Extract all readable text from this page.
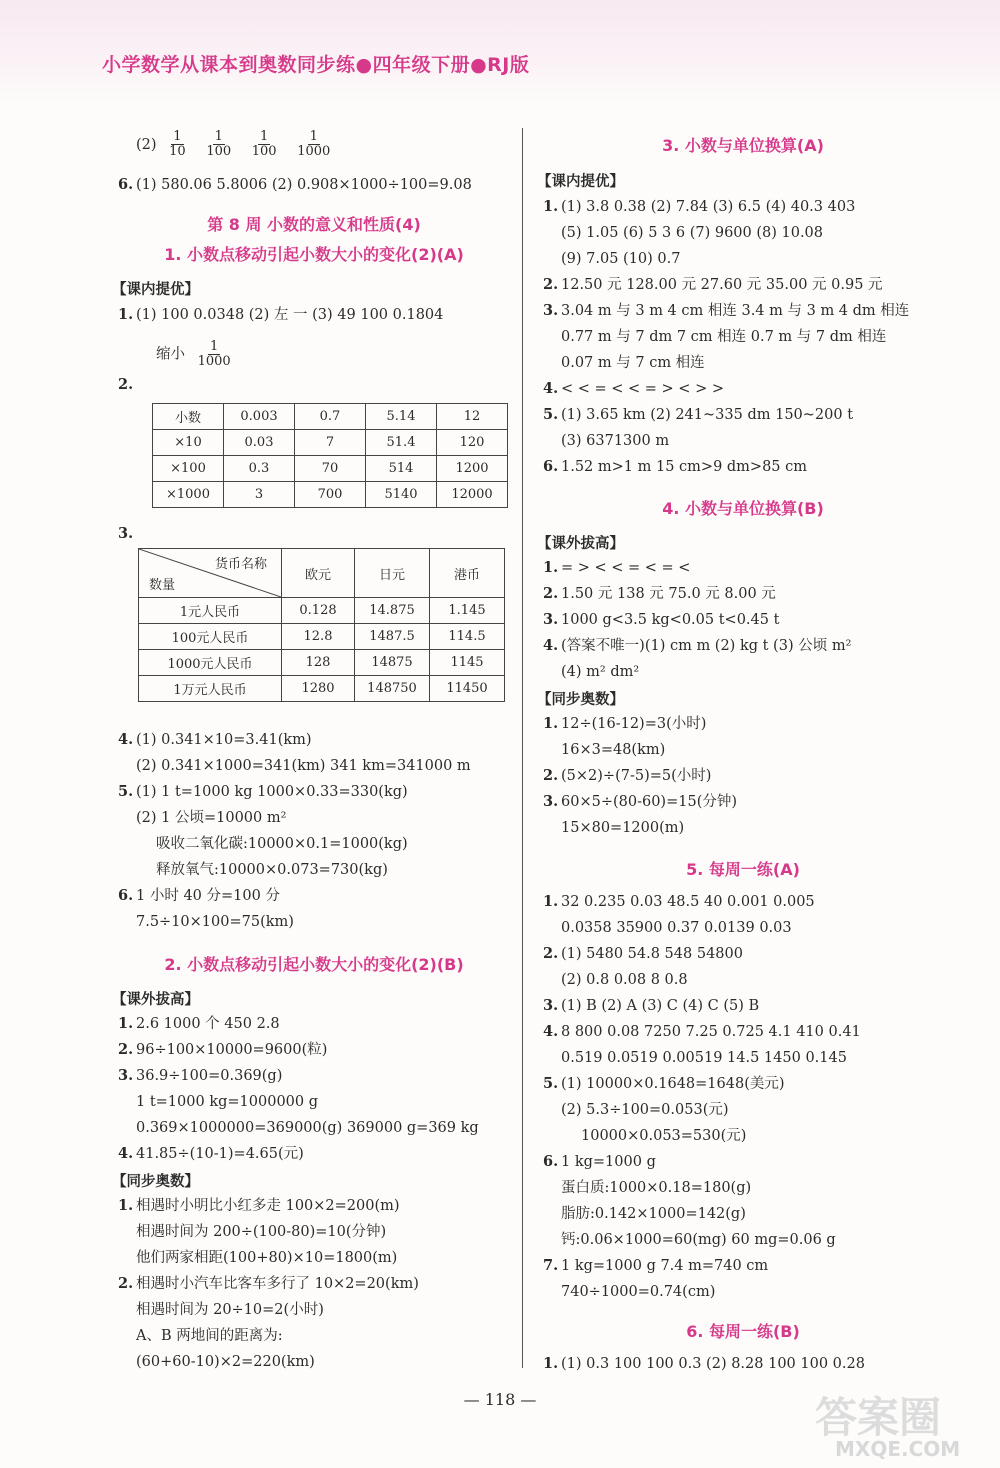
小学数学从课本到奥数同步练●四年级下册●RJ版
$(2) \frac{1}{10}$
$\frac{1}{100}$
$\frac{1}{100}$
$\frac{1}{1000}$
6. (1) 580.06 5.8006 (2) 0.908×1000÷100=9.08
第 8 周 小数的意义和性质(4)
1. 小数点移动引起小数大小的变化(2)(A)
【课内提优】
1. (1) 100 0.0348 (2) 左 一 (3) 49 100 0.1804
缩小 $\frac{1}{1000}$
2.
小数	0.003	0.7	5.14	12
×10	0.03	7	51.4	120
×100	0.3	70	514	1200
×1000	3	700	5140	12000
3.
货币名称
数量	欧元	日元	港币
1元人民币	0.128	14.875	1.145
100元人民币	12.8	1487.5	114.5
1000元人民币	128	14875	1145
1万元人民币	1280	148750	11450
4. (1) 0.341×10=3.41(km)
(2) 0.341×1000=341(km) 341 km=341000 m
5. (1) 1 t=1000 kg 1000×0.33=330(kg)
(2) 1 公顷=10000 m²
吸收二氧化碳:10000×0.1=1000(kg)
释放氧气:10000×0.073=730(kg)
6. 1 小时 40 分=100 分
7.5÷10×100=75(km)
2. 小数点移动引起小数大小的变化(2)(B)
【课外拔高】
1. 2.6 1000 个 450 2.8
2. 96÷100×10000=9600(粒)
3. 36.9÷100=0.369(g)
1 t=1000 kg=1000000 g
0.369×1000000=369000(g) 369000 g=369 kg
4. 41.85÷(10-1)=4.65(元)
【同步奥数】
1. 相遇时小明比小红多走 100×2=200(m)
相遇时间为 200÷(100-80)=10(分钟)
他们两家相距(100+80)×10=1800(m)
2. 相遇时小汽车比客车多行了 10×2=20(km)
相遇时间为 20÷10=2(小时)
A、B 两地间的距离为:
(60+60-10)×2=220(km)
3. 小数与单位换算(A)
【课内提优】
1. (1) 3.8 0.38 (2) 7.84 (3) 6.5 (4) 40.3 403
(5) 1.05 (6) 5 3 6 (7) 9600 (8) 10.08
(9) 7.05 (10) 0.7
2. 12.50 元 128.00 元 27.60 元 35.00 元 0.95 元
3. 3.04 m 与 3 m 4 cm 相连 3.4 m 与 3 m 4 dm 相连
0.77 m 与 7 dm 7 cm 相连 0.7 m 与 7 dm 相连
0.07 m 与 7 cm 相连
4. < < = < < = > < > >
5. (1) 3.65 km (2) 241~335 dm 150~200 t
(3) 6371300 m
6. 1.52 m>1 m 15 cm>9 dm>85 cm
4. 小数与单位换算(B)
【课外拔高】
1. = > < < = < = <
2. 1.50 元 138 元 75.0 元 8.00 元
3. 1000 g<3.5 kg<0.05 t<0.45 t
4. (答案不唯一)(1) cm m (2) kg t (3) 公顷 m²
(4) m² dm²
【同步奥数】
1. 12÷(16-12)=3(小时)
16×3=48(km)
2. (5×2)÷(7-5)=5(小时)
3. 60×5÷(80-60)=15(分钟)
15×80=1200(m)
5. 每周一练(A)
1. 32 0.235 0.03 48.5 40 0.001 0.005
0.0358 35900 0.37 0.0139 0.03
2. (1) 5480 54.8 548 54800
(2) 0.8 0.08 8 0.8
3. (1) B (2) A (3) C (4) C (5) B
4. 8 800 0.08 7250 7.25 0.725 4.1 410 0.41
0.519 0.0519 0.00519 14.5 1450 0.145
5. (1) 10000×0.1648=1648(美元)
(2) 5.3÷100=0.053(元)
10000×0.053=530(元)
6. 1 kg=1000 g
蛋白质:1000×0.18=180(g)
脂肪:0.142×1000=142(g)
钙:0.06×1000=60(mg) 60 mg=0.06 g
7. 1 kg=1000 g 7.4 m=740 cm
740÷1000=0.74(cm)
6. 每周一练(B)
1. (1) 0.3 100 100 0.3 (2) 8.28 100 100 0.28
— 118 —	答案圈
MXQE.COM
